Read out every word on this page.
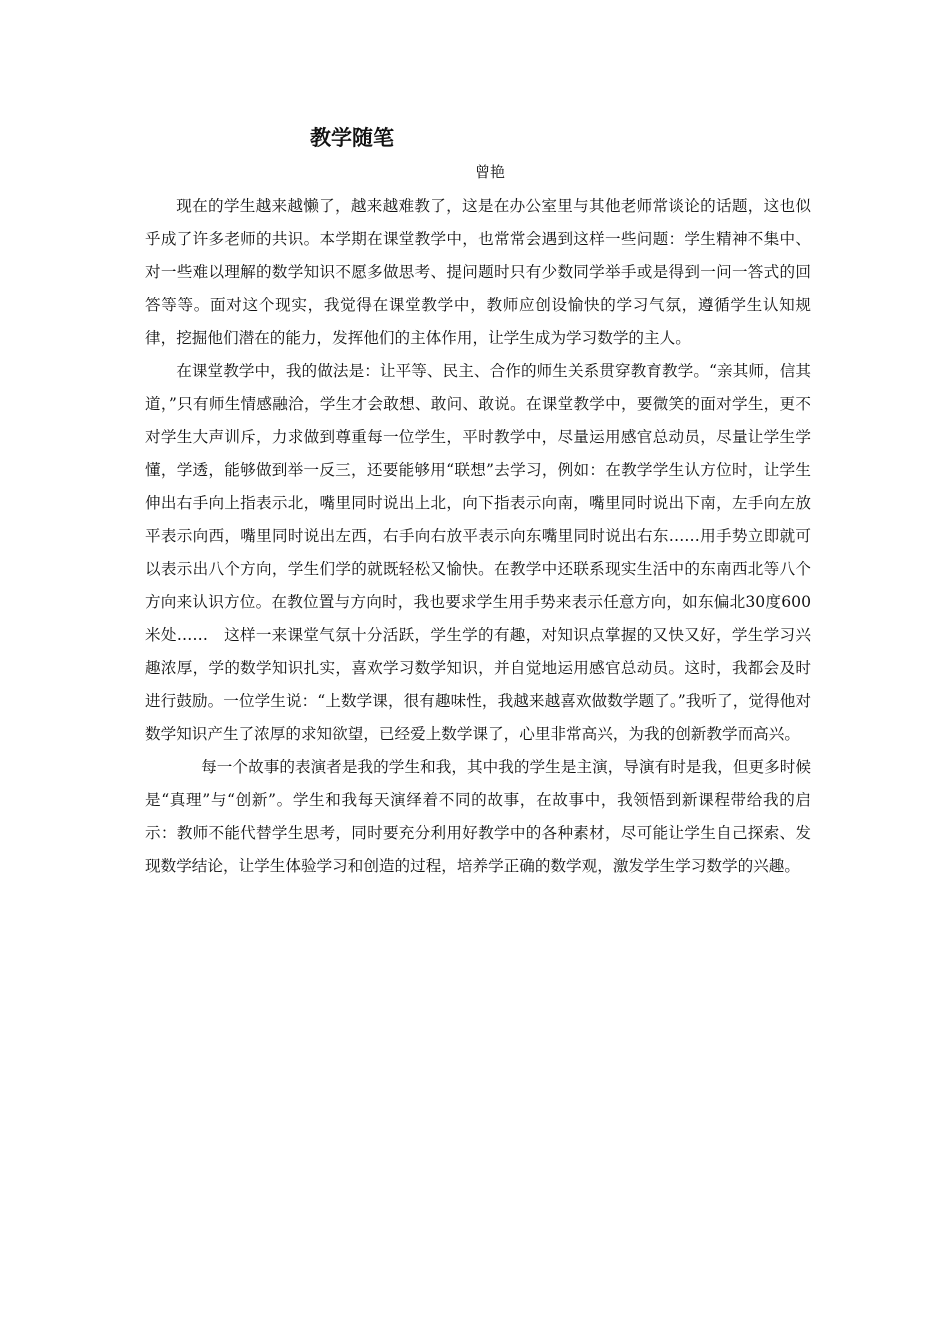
教学随笔
曾艳

现在的学生越来越懒了，越来越难教了，这是在办公室里与其他老师常谈论的话题，这也似乎成了许多老师的共识。本学期在课堂教学中，也常常会遇到这样一些问题：学生精神不集中、对一些难以理解的数学知识不愿多做思考、提问题时只有少数同学举手或是得到一问一答式的回答等等。面对这个现实，我觉得在课堂教学中，教师应创设愉快的学习气氛，遵循学生认知规律，挖掘他们潜在的能力，发挥他们的主体作用，让学生成为学习数学的主人。

在课堂教学中，我的做法是：让平等、民主、合作的师生关系贯穿教育教学。“亲其师，信其道，”只有师生情感融洽，学生才会敢想、敢问、敢说。在课堂教学中，要微笑的面对学生，更不对学生大声训斥，力求做到尊重每一位学生，平时教学中，尽量运用感官总动员，尽量让学生学懂，学透，能够做到举一反三，还要能够用“联想”去学习，例如：在教学学生认方位时，让学生伸出右手向上指表示北，嘴里同时说出上北，向下指表示向南，嘴里同时说出下南，左手向左放平表示向西，嘴里同时说出左西，右手向右放平表示向东嘴里同时说出右东……用手势立即就可以表示出八个方向，学生们学的就既轻松又愉快。在教学中还联系现实生活中的东南西北等八个方向来认识方位。在教位置与方向时，我也要求学生用手势来表示任意方向，如东偏北30度600米处……　这样一来课堂气氛十分活跃，学生学的有趣，对知识点掌握的又快又好，学生学习兴趣浓厚，学的数学知识扎实，喜欢学习数学知识，并自觉地运用感官总动员。这时，我都会及时进行鼓励。一位学生说：“上数学课，很有趣味性，我越来越喜欢做数学题了。”我听了，觉得他对数学知识产生了浓厚的求知欲望，已经爱上数学课了，心里非常高兴，为我的创新教学而高兴。

每一个故事的表演者是我的学生和我，其中我的学生是主演，导演有时是我，但更多时候是“真理”与“创新”。学生和我每天演绎着不同的故事，在故事中，我领悟到新课程带给我的启示：教师不能代替学生思考，同时要充分利用好教学中的各种素材，尽可能让学生自己探索、发现数学结论，让学生体验学习和创造的过程，培养学正确的数学观，激发学生学习数学的兴趣。
